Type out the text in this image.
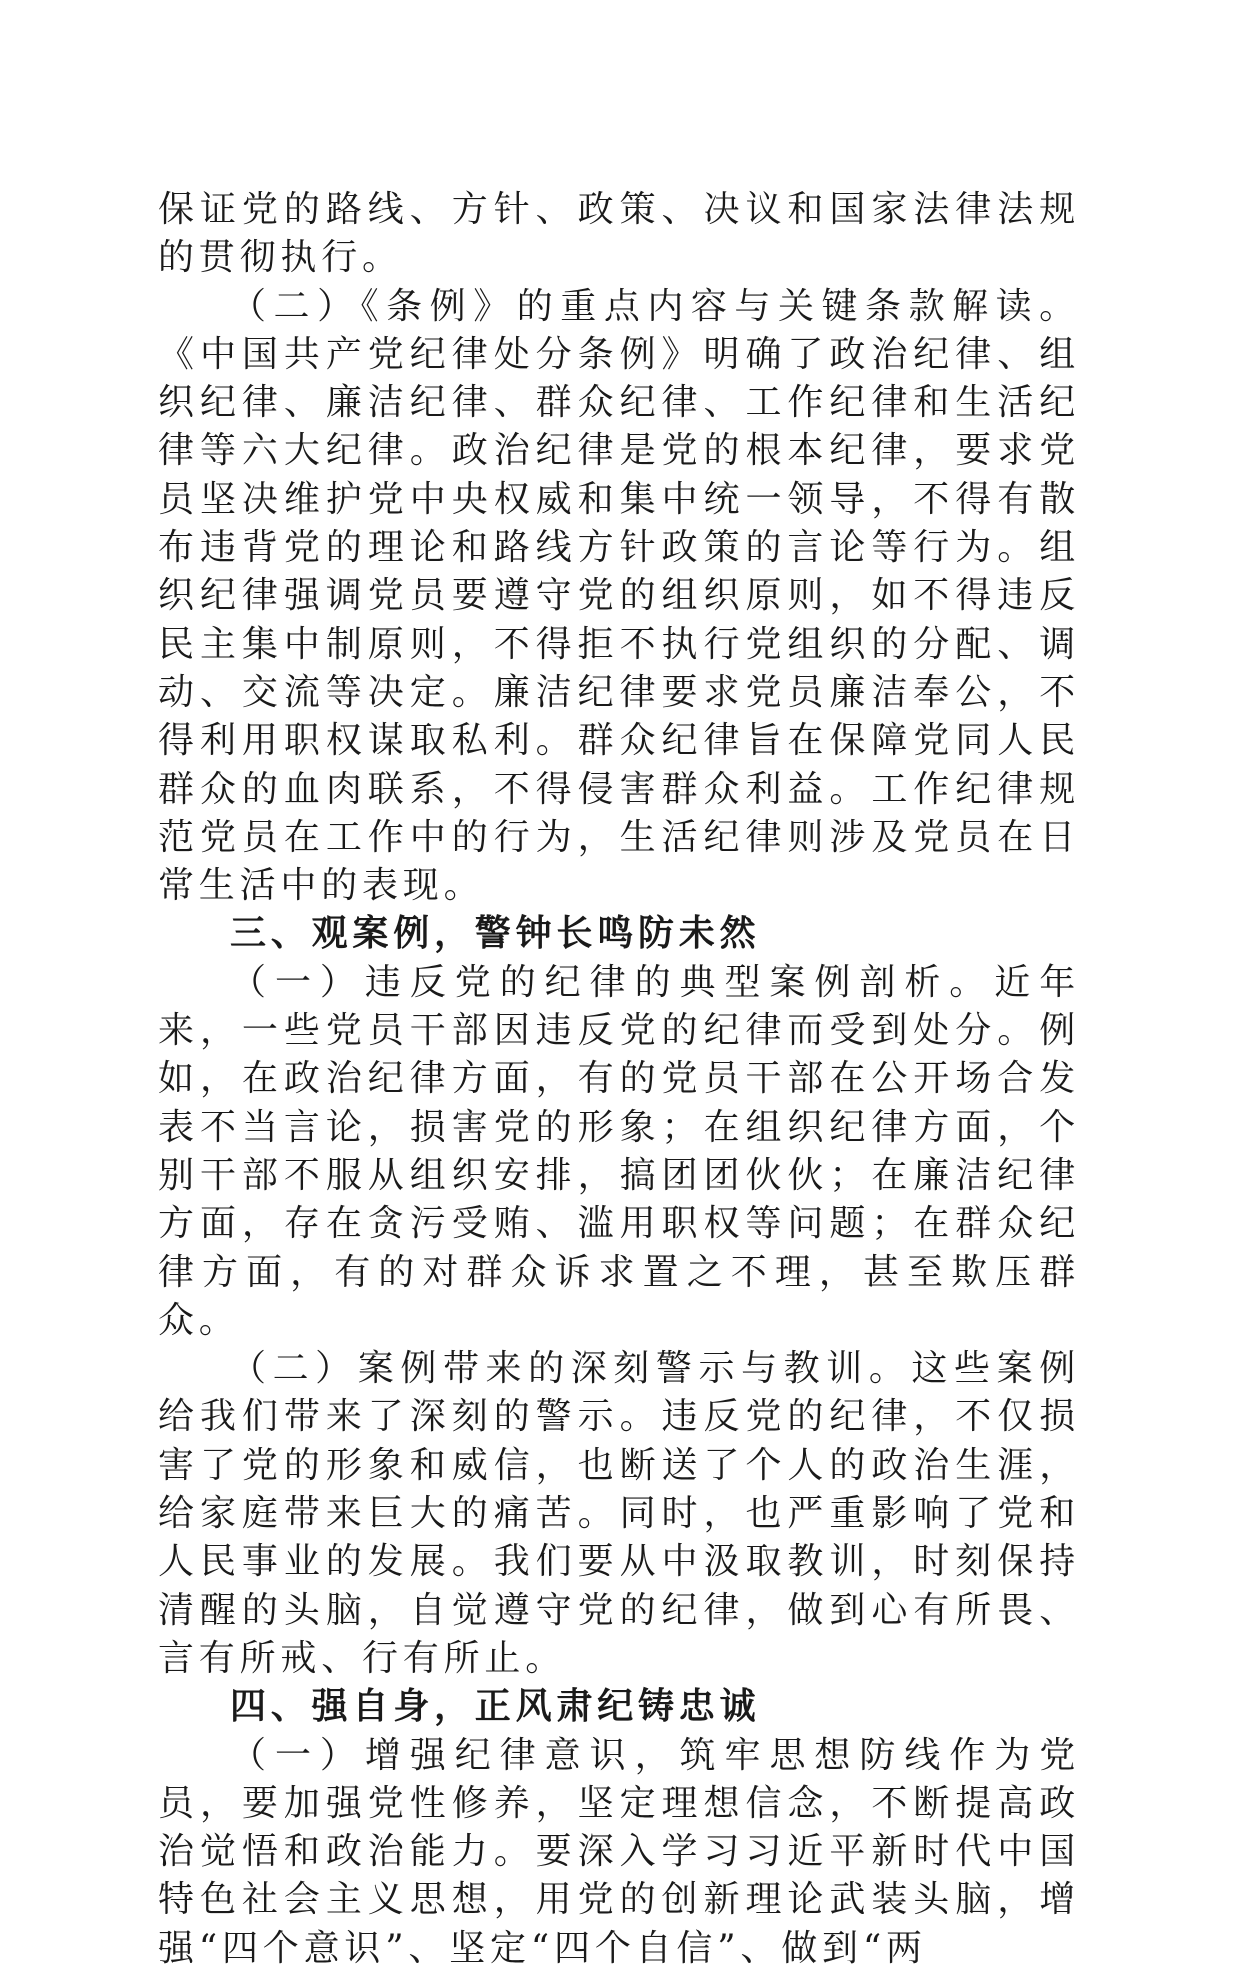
保证党的路线、方针、政策、决议和国家法律法规的贯彻执行。

（二）《条例》的重点内容与关键条款解读。《中国共产党纪律处分条例》明确了政治纪律、组织纪律、廉洁纪律、群众纪律、工作纪律和生活纪律等六大纪律。政治纪律是党的根本纪律，要求党员坚决维护党中央权威和集中统一领导，不得有散布违背党的理论和路线方针政策的言论等行为。组织纪律强调党员要遵守党的组织原则，如不得违反民主集中制原则，不得拒不执行党组织的分配、调动、交流等决定。廉洁纪律要求党员廉洁奉公，不得利用职权谋取私利。群众纪律旨在保障党同人民群众的血肉联系，不得侵害群众利益。工作纪律规范党员在工作中的行为，生活纪律则涉及党员在日常生活中的表现。

三、观案例，警钟长鸣防未然

（一）违反党的纪律的典型案例剖析。近年来，一些党员干部因违反党的纪律而受到处分。例如，在政治纪律方面，有的党员干部在公开场合发表不当言论，损害党的形象；在组织纪律方面，个别干部不服从组织安排，搞团团伙伙；在廉洁纪律方面，存在贪污受贿、滥用职权等问题；在群众纪律方面，有的对群众诉求置之不理，甚至欺压群众。

（二）案例带来的深刻警示与教训。这些案例给我们带来了深刻的警示。违反党的纪律，不仅损害了党的形象和威信，也断送了个人的政治生涯，给家庭带来巨大的痛苦。同时，也严重影响了党和人民事业的发展。我们要从中汲取教训，时刻保持清醒的头脑，自觉遵守党的纪律，做到心有所畏、言有所戒、行有所止。

四、强自身，正风肃纪铸忠诚

（一）增强纪律意识，筑牢思想防线作为党员，要加强党性修养，坚定理想信念，不断提高政治觉悟和政治能力。要深入学习习近平新时代中国特色社会主义思想，用党的创新理论武装头脑，增强“四个意识”、坚定“四个自信”、做到“两
